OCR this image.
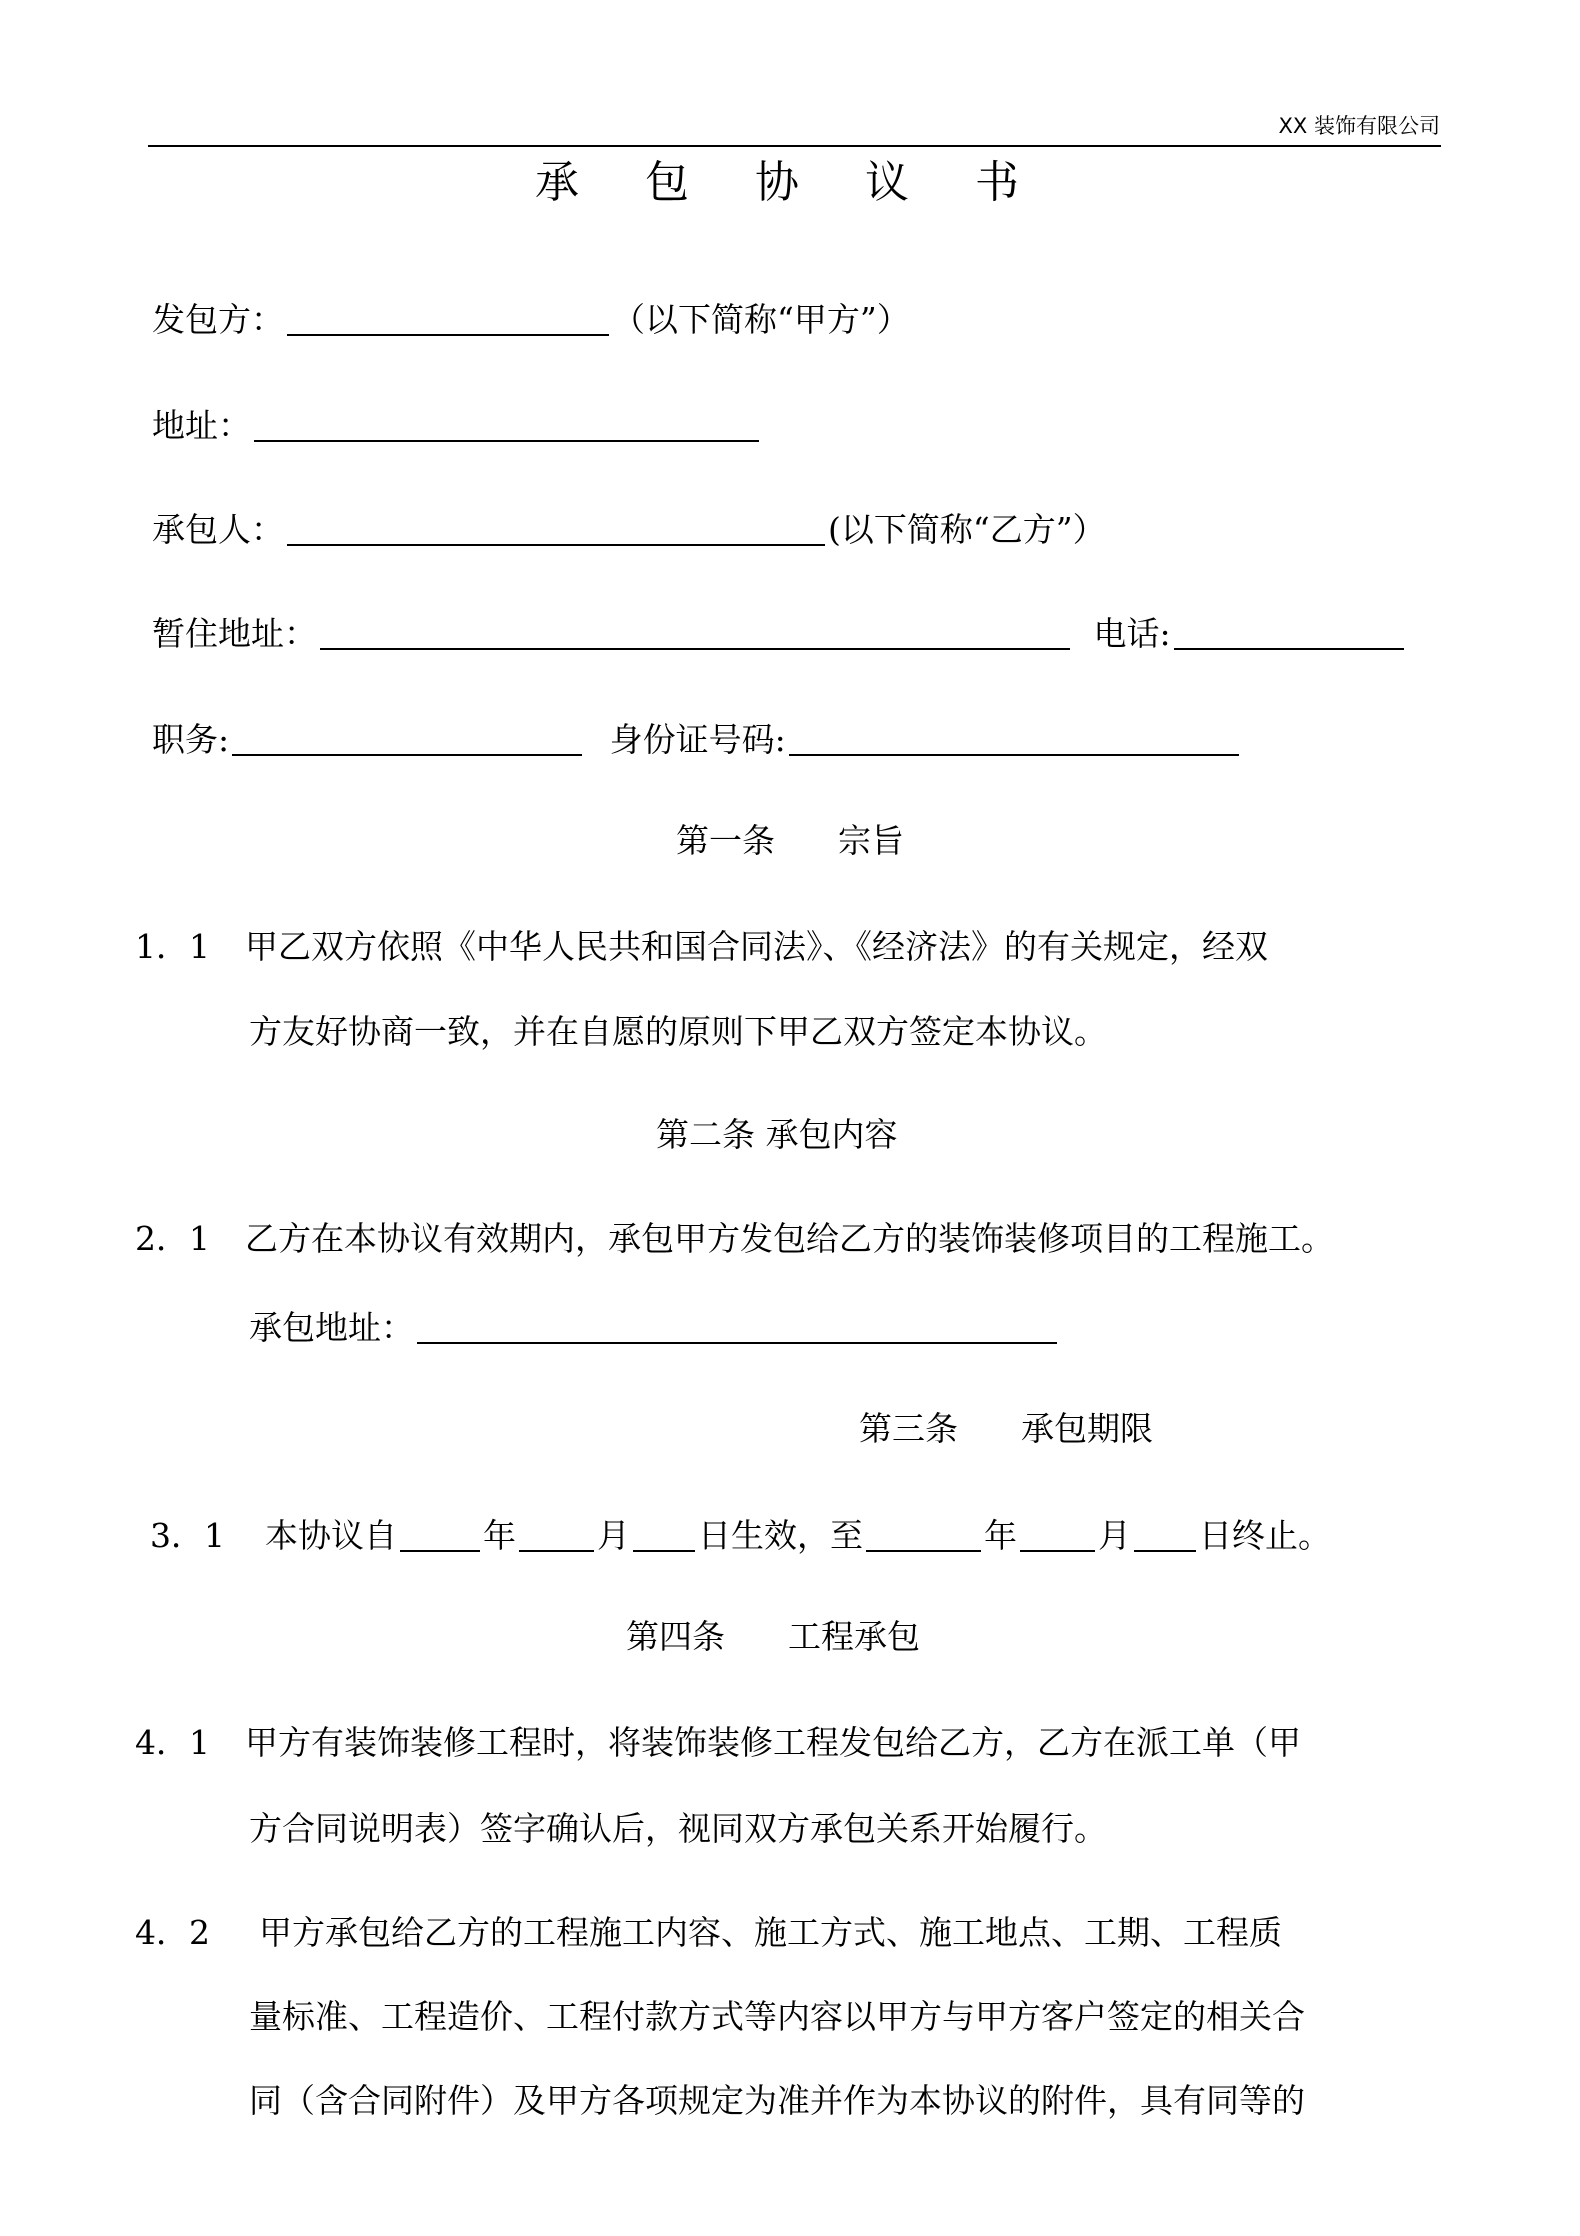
XX 装饰有限公司
承 包 协 议 书
发包方：	（以下简称“甲方”）
地址：
承包人：	(以下简称“乙方”）
暂住地址：	电话:
职务:	身份证号码:
第一条      宗旨
1．1 甲乙双方依照《中华人民共和国合同法》、《经济法》的有关规定，经双
方友好协商一致，并在自愿的原则下甲乙双方签定本协议。
第二条 承包内容
2．1 乙方在本协议有效期内，承包甲方发包给乙方的装饰装修项目的工程施工。
承包地址：
第三条      承包期限
3．1 本协议自	年 月 日生效，至	年 月 日终止。
第四条      工程承包
4．1 甲方有装饰装修工程时，将装饰装修工程发包给乙方，乙方在派工单（甲
方合同说明表）签字确认后，视同双方承包关系开始履行。
4．2 甲方承包给乙方的工程施工内容、施工方式、施工地点、工期、工程质
量标准、工程造价、工程付款方式等内容以甲方与甲方客户签定的相关合
同（含合同附件）及甲方各项规定为准并作为本协议的附件，具有同等的
